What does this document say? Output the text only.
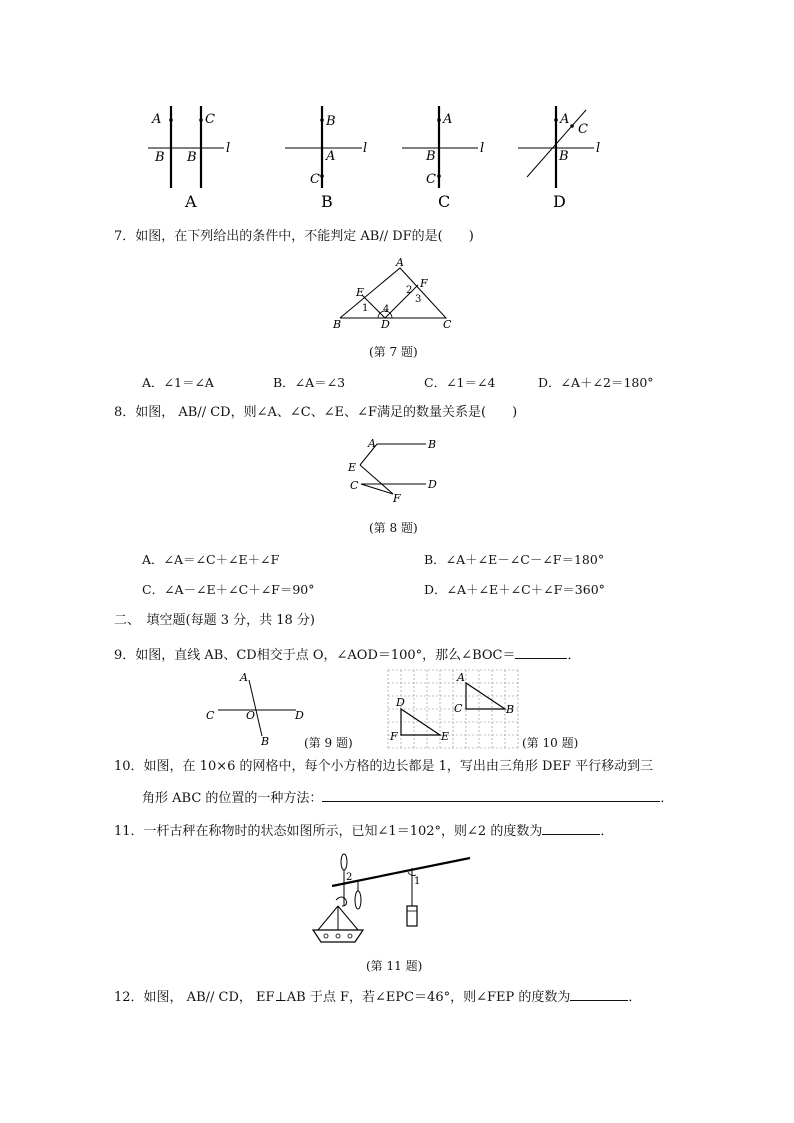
A	C
B B
l
A
B
A
C
l
B
A
B
C
l
C
A
C
B
l
D
7．如图，在下列给出的条件中，不能判定 AB// DF的是(　　)
A
B	C
D
E
F
1
2
3
4
(第 7 题)
A．∠1＝∠A	B．∠A＝∠3	C．∠1＝∠4	D．∠A＋∠2＝180°
8．如图， AB// CD，则∠A、∠C、∠E、∠F满足的数量关系是(　　)
A	B
E
C	D
F
(第 8 题)
A．∠A＝∠C＋∠E＋∠F	B．∠A＋∠E－∠C－∠F＝180°
C．∠A－∠E＋∠C＋∠F＝90°	D．∠A＋∠E＋∠C＋∠F＝360°
二、　填空题(每题 3 分，共 18 分)
9．如图，直线 AB、CD相交于点 O，∠AOD＝100°，那么∠BOC＝	．
A
C	O	D
B	(第 9 题)
A
C	B
D
F	E	(第 10 题)
10．如图，在 10×6 的网格中，每个小方格的边长都是 1，写出由三角形 DEF 平行移动到三
角形 ABC 的位置的一种方法：	．
11．一杆古秤在称物时的状态如图所示，已知∠1＝102°，则∠2 的度数为	．
2	1
(第 11 题)
12．如图， AB// CD， EF⊥AB 于点 F，若∠EPC＝46°，则∠FEP 的度数为	．
